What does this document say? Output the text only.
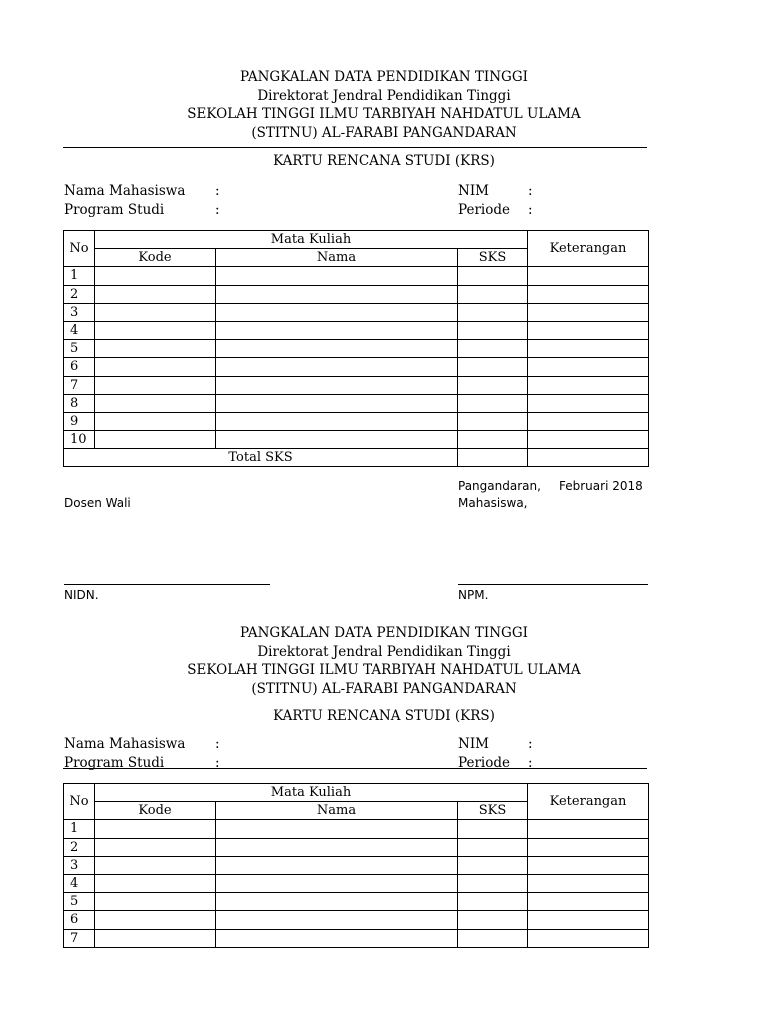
PANGKALAN DATA PENDIDIKAN TINGGI
Direktorat Jendral Pendidikan Tinggi
SEKOLAH TINGGI ILMU TARBIYAH NAHDATUL ULAMA
(STITNU) AL-FARABI PANGANDARAN
KARTU RENCANA STUDI (KRS)
Nama Mahasiswa :
Program Studi	:
NIM	:
Periode :
No	Mata Kuliah			Keterangan
	Kode	Nama	SKS	
1				
2				
3				
4				
5				
6				
7				
8				
9				
10				
Total SKS				
Pangandaran, Februari 2018
Dosen Wali	Mahasiswa,
NIDN.	NPM.
PANGKALAN DATA PENDIDIKAN TINGGI
Direktorat Jendral Pendidikan Tinggi
SEKOLAH TINGGI ILMU TARBIYAH NAHDATUL ULAMA
(STITNU) AL-FARABI PANGANDARAN
KARTU RENCANA STUDI (KRS)
Nama Mahasiswa :
Program Studi	:
NIM	:
Periode :
No	Mata Kuliah			Keterangan
	Kode	Nama	SKS	
1				
2				
3				
4				
5				
6				
7				
